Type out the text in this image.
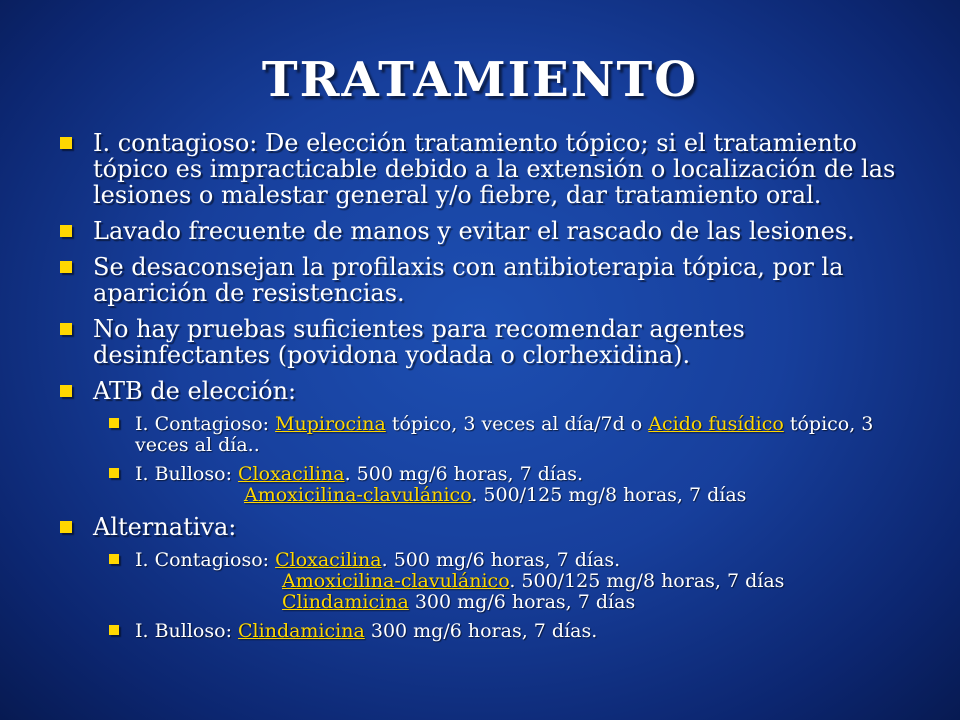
TRATAMIENTO
I. contagioso: De elección tratamiento tópico; si el tratamiento tópico es impracticable debido a la extensión o localización de las lesiones o malestar general y/o fiebre, dar tratamiento oral.
Lavado frecuente de manos y evitar el rascado de las lesiones.
Se desaconsejan la profilaxis con antibioterapia tópica, por la aparición de resistencias.
No hay pruebas suficientes para recomendar agentes desinfectantes (povidona yodada o clorhexidina).
ATB de elección:
I. Contagioso: Mupirocina tópico, 3 veces al día/7d o Acido fusídico tópico, 3 veces al día..
I. Bulloso: Cloxacilina. 500 mg/6 horas, 7 días.
Amoxicilina-clavulánico. 500/125 mg/8 horas, 7 días
Alternativa:
I. Contagioso: Cloxacilina. 500 mg/6 horas, 7 días.
Amoxicilina-clavulánico. 500/125 mg/8 horas, 7 días
Clindamicina 300 mg/6 horas, 7 días
I. Bulloso: Clindamicina 300 mg/6 horas, 7 días.
